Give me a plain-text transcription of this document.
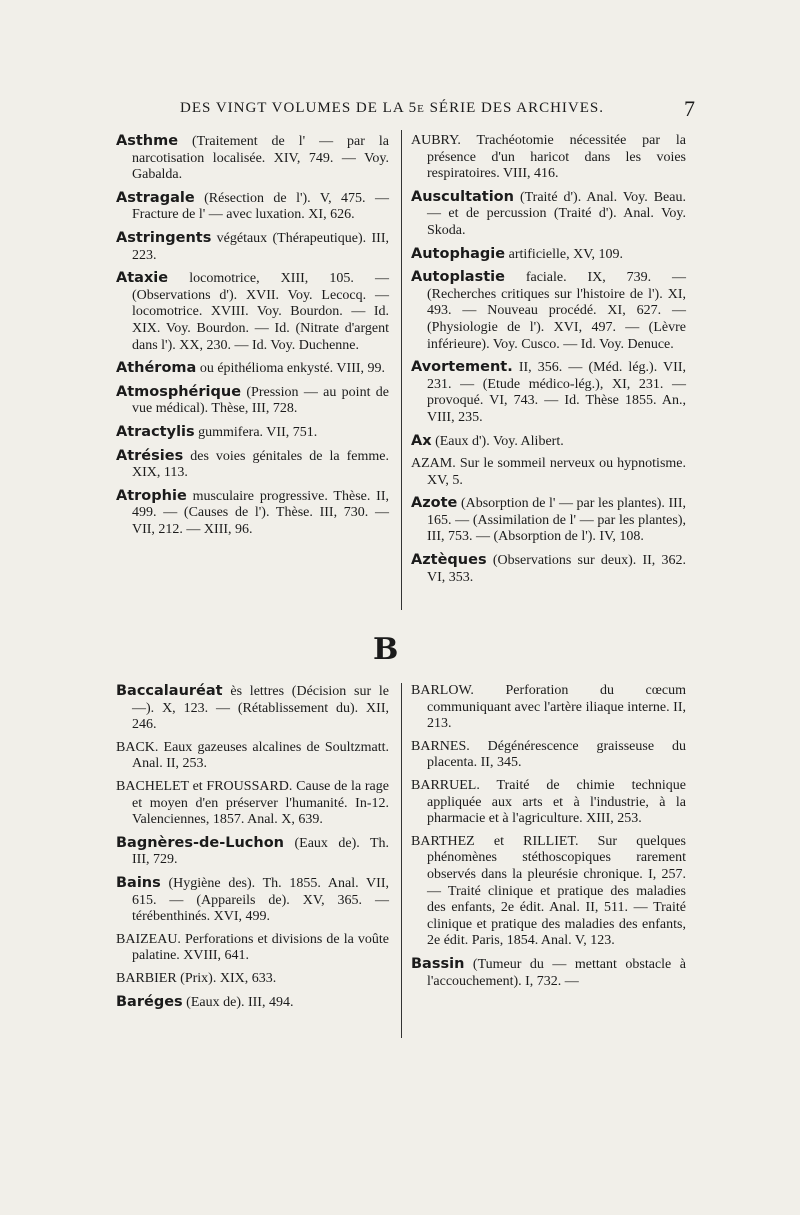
DES VINGT VOLUMES DE LA 5e SÉRIE DES ARCHIVES.	7
B
Asthme (Traitement de l' — par la narcotisation localisée. XIV, 749. — Voy. Gabalda.
Astragale (Résection de l'). V, 475. — Fracture de l' — avec luxation. XI, 626.
Astringents végétaux (Thérapeutique). III, 223.
Ataxie locomotrice, XIII, 105. — (Observations d'). XVII. Voy. Lecocq. — locomotrice. XVIII. Voy. Bourdon. — Id. XIX. Voy. Bourdon. — Id. (Nitrate d'argent dans l'). XX, 230. — Id. Voy. Duchenne.
Athéroma ou épithélioma enkysté. VIII, 99.
Atmosphérique (Pression — au point de vue médical). Thèse, III, 728.
Atractylis gummifera. VII, 751.
Atrésies des voies génitales de la femme. XIX, 113.
Atrophie musculaire progressive. Thèse. II, 499. — (Causes de l'). Thèse. III, 730. — VII, 212. — XIII, 96.
AUBRY. Trachéotomie nécessitée par la présence d'un haricot dans les voies respiratoires. VIII, 416.
Auscultation (Traité d'). Anal. Voy. Beau. — et de percussion (Traité d'). Anal. Voy. Skoda.
Autophagie artificielle, XV, 109.
Autoplastie faciale. IX, 739. — (Recherches critiques sur l'histoire de l'). XI, 493. — Nouveau procédé. XI, 627. — (Physiologie de l'). XVI, 497. — (Lèvre inférieure). Voy. Cusco. — Id. Voy. Denuce.
Avortement. II, 356. — (Méd. lég.). VII, 231. — (Etude médico-lég.), XI, 231. — provoqué. VI, 743. — Id. Thèse 1855. An., VIII, 235.
Ax (Eaux d'). Voy. Alibert.
AZAM. Sur le sommeil nerveux ou hypnotisme. XV, 5.
Azote (Absorption de l' — par les plantes). III, 165. — (Assimilation de l' — par les plantes), III, 753. — (Absorption de l'). IV, 108.
Aztèques (Observations sur deux). II, 362. VI, 353.
Baccalauréat ès lettres (Décision sur le —). X, 123. — (Rétablissement du). XII, 246.
BACK. Eaux gazeuses alcalines de Soultzmatt. Anal. II, 253.
BACHELET et FROUSSARD. Cause de la rage et moyen d'en préserver l'humanité. In-12. Valenciennes, 1857. Anal. X, 639.
Bagnères-de-Luchon (Eaux de). Th. III, 729.
Bains (Hygiène des). Th. 1855. Anal. VII, 615. — (Appareils de). XV, 365. — térébenthinés. XVI, 499.
BAIZEAU. Perforations et divisions de la voûte palatine. XVIII, 641.
BARBIER (Prix). XIX, 633.
Baréges (Eaux de). III, 494.
BARLOW. Perforation du cœcum communiquant avec l'artère iliaque interne. II, 213.
BARNES. Dégénérescence graisseuse du placenta. II, 345.
BARRUEL. Traité de chimie technique appliquée aux arts et à l'industrie, à la pharmacie et à l'agriculture. XIII, 253.
BARTHEZ et RILLIET. Sur quelques phénomènes stéthoscopiques rarement observés dans la pleurésie chronique. I, 257. — Traité clinique et pratique des maladies des enfants, 2e édit. Anal. II, 511. — Traité clinique et pratique des maladies des enfants, 2e édit. Paris, 1854. Anal. V, 123.
Bassin (Tumeur du — mettant obstacle à l'accouchement). I, 732. —
